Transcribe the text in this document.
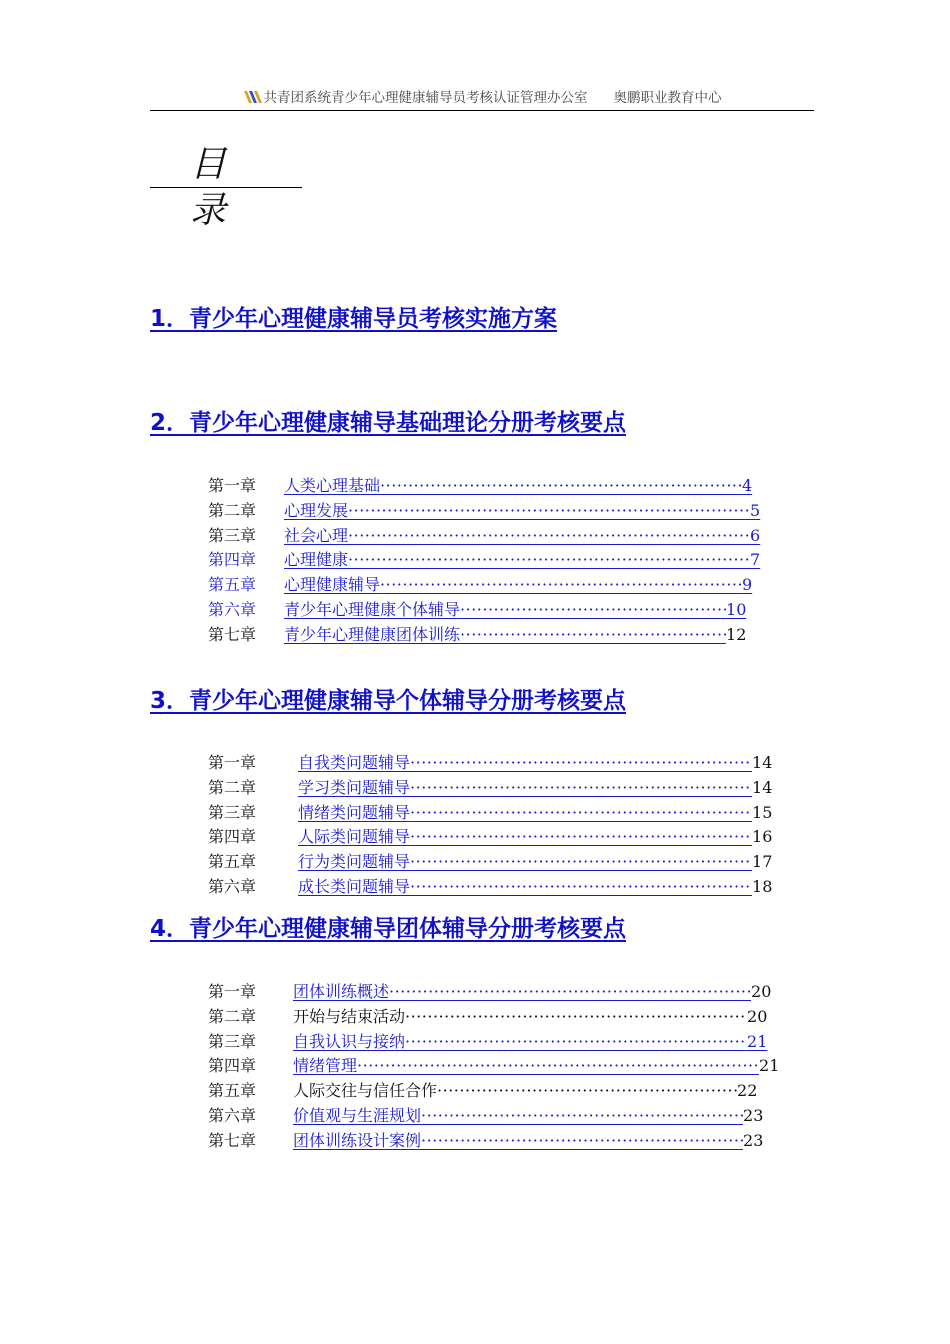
共青团系统青少年心理健康辅导员考核认证管理办公室 奥鹏职业教育中心
目录
1．青少年心理健康辅导员考核实施方案
2．青少年心理健康辅导基础理论分册考核要点
第一章	人类心理基础 ·····	4
第二章	心理发展 ·····	5
第三章	社会心理 ·····	6
第四章	心理健康 ·····	7
第五章	心理健康辅导 ·····	9
第六章	青少年心理健康个体辅导 ·····	10
第七章	青少年心理健康团体训练 ·····	12
3．青少年心理健康辅导个体辅导分册考核要点
第一章	自我类问题辅导 ·····	14
第二章	学习类问题辅导 ·····	14
第三章	情绪类问题辅导 ·····	15
第四章	人际类问题辅导 ·····	16
第五章	行为类问题辅导 ·····	17
第六章	成长类问题辅导 ·····	18
4．青少年心理健康辅导团体辅导分册考核要点
第一章	团体训练概述 ·····	20
第二章	开始与结束活动 ·····	20
第三章	自我认识与接纳 ·····	21
第四章	情绪管理 ·····	21
第五章	人际交往与信任合作 ·····	22
第六章	价值观与生涯规划 ·····	23
第七章	团体训练设计案例 ·····	23
